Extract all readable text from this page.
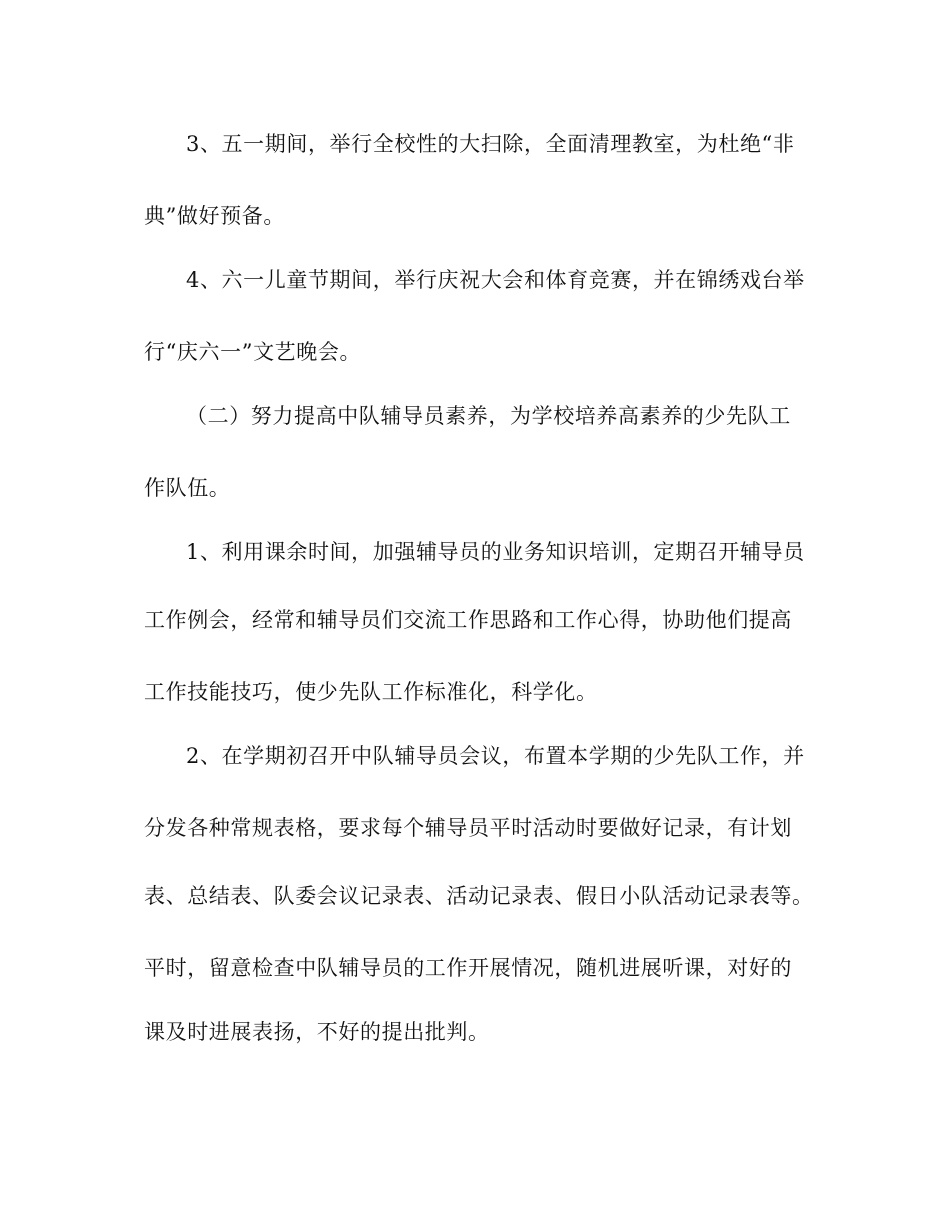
3、五一期间，举行全校性的大扫除，全面清理教室，为杜绝“非
典”做好预备。
4、六一儿童节期间，举行庆祝大会和体育竞赛，并在锦绣戏台举
行“庆六一”文艺晚会。
（二）努力提高中队辅导员素养，为学校培养高素养的少先队工
作队伍。
1、利用课余时间，加强辅导员的业务知识培训，定期召开辅导员
工作例会，经常和辅导员们交流工作思路和工作心得，协助他们提高
工作技能技巧，使少先队工作标准化，科学化。
2、在学期初召开中队辅导员会议，布置本学期的少先队工作，并
分发各种常规表格，要求每个辅导员平时活动时要做好记录，有计划
表、总结表、队委会议记录表、活动记录表、假日小队活动记录表等。
平时，留意检查中队辅导员的工作开展情况，随机进展听课，对好的
课及时进展表扬，不好的提出批判。
